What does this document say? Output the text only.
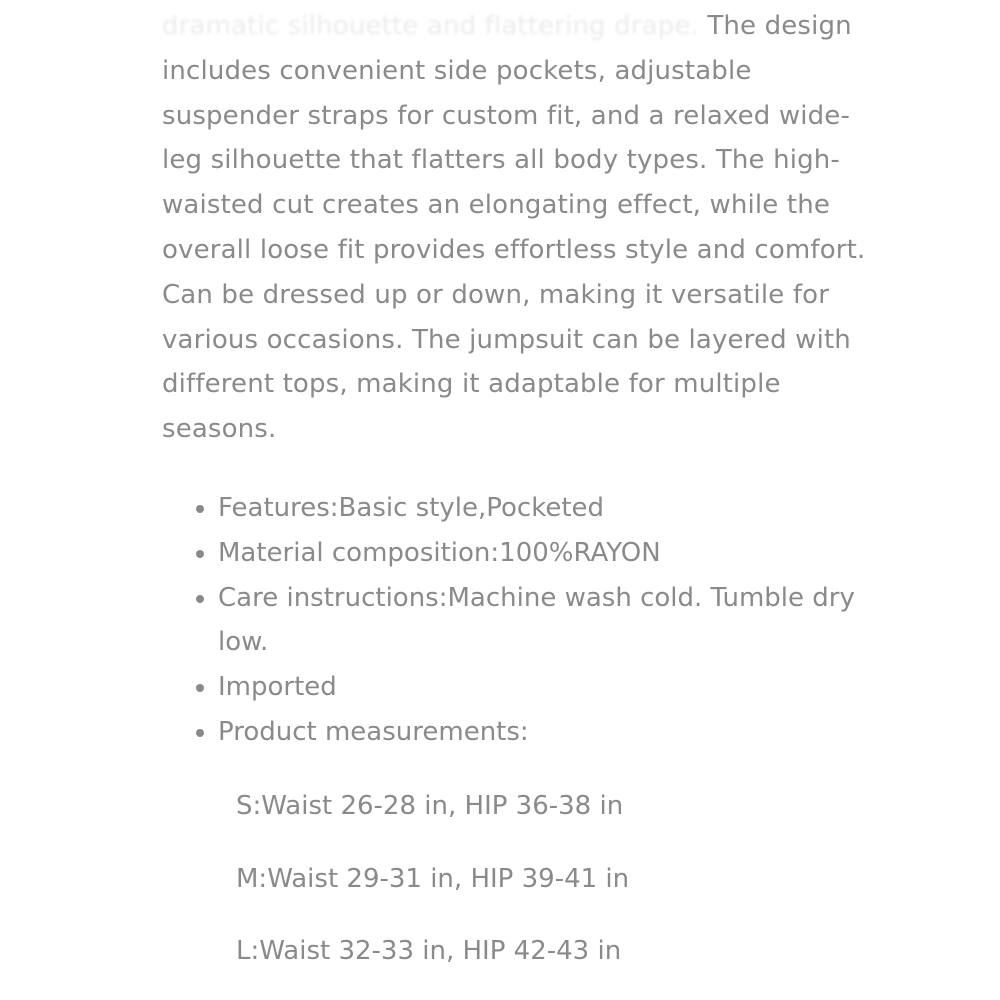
dramatic silhouette and flattering drape. The design includes convenient side pockets, adjustable suspender straps for custom fit, and a relaxed wide-leg silhouette that flatters all body types. The high-waisted cut creates an elongating effect, while the overall loose fit provides effortless style and comfort. Can be dressed up or down, making it versatile for various occasions. The jumpsuit can be layered with different tops, making it adaptable for multiple seasons.

Features:Basic style,Pocketed
Material composition:100%RAYON
Care instructions:Machine wash cold. Tumble dry low.
Imported
Product measurements:

S:Waist 26-28 in, HIP 36-38 in

M:Waist 29-31 in, HIP 39-41 in

L:Waist 32-33 in, HIP 42-43 in
